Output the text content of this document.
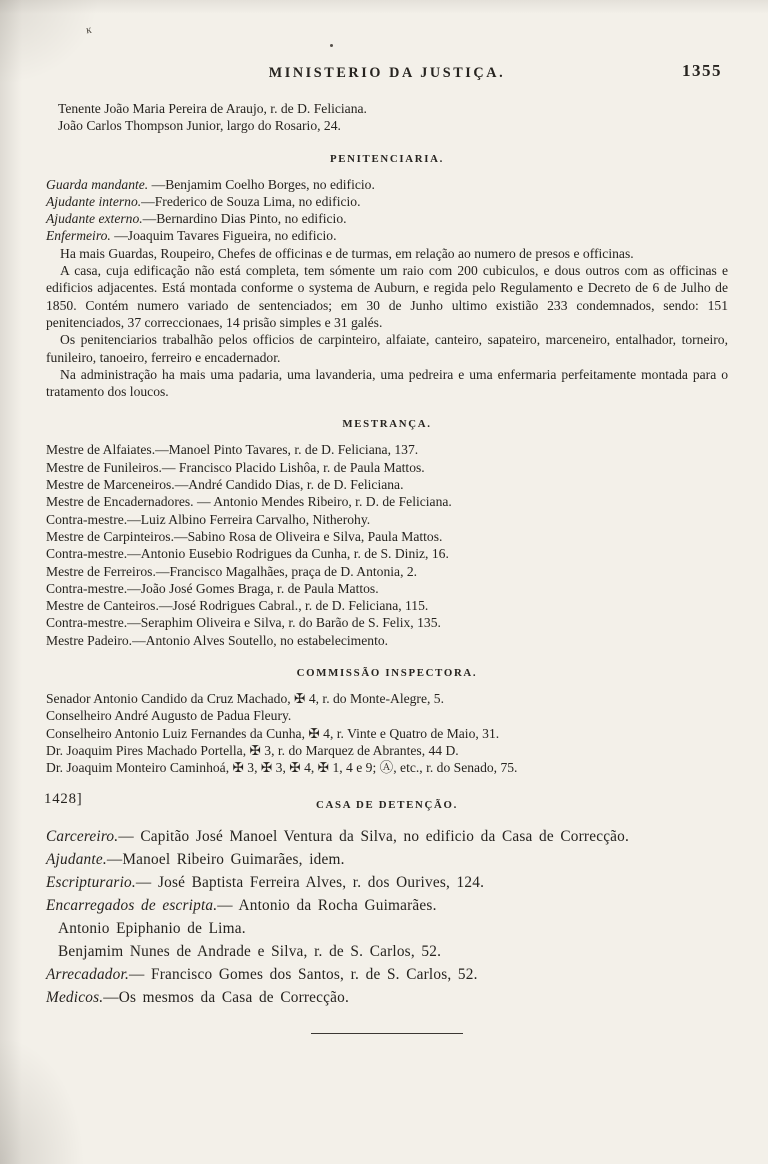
ĸ
MINISTERIO DA JUSTIÇA.	1355

Tenente João Maria Pereira de Araujo, r. de D. Feliciana.

João Carlos Thompson Junior, largo do Rosario, 24.

PENITENCIARIA.

Guarda mandante. —Benjamim Coelho Borges, no edificio.

Ajudante interno.—Frederico de Souza Lima, no edificio.

Ajudante externo.—Bernardino Dias Pinto, no edificio.

Enfermeiro. —Joaquim Tavares Figueira, no edificio.

Ha mais Guardas, Roupeiro, Chefes de officinas e de turmas, em relação ao numero de presos e officinas.

A casa, cuja edificação não está completa, tem sómente um raio com 200 cubiculos, e dous outros com as officinas e edificios adjacentes. Está montada conforme o systema de Auburn, e regida pelo Regulamento e Decreto de 6 de Julho de 1850. Contém numero variado de sentenciados; em 30 de Junho ultimo existião 233 condemnados, sendo: 151 penitenciados, 37 correccionaes, 14 prisão simples e 31 galés.

Os penitenciarios trabalhão pelos officios de carpinteiro, alfaiate, canteiro, sapateiro, marceneiro, entalhador, torneiro, funileiro, tanoeiro, ferreiro e encadernador.

Na administração ha mais uma padaria, uma lavanderia, uma pedreira e uma enfermaria perfeitamente montada para o tratamento dos loucos.

MESTRANÇA.

Mestre de Alfaiates.—Manoel Pinto Tavares, r. de D. Feliciana, 137.

Mestre de Funileiros.— Francisco Placido Lishôa, r. de Paula Mattos.

Mestre de Marceneiros.—André Candido Dias, r. de D. Feliciana.

Mestre de Encadernadores. — Antonio Mendes Ribeiro, r. D. de Feliciana.

Contra-mestre.—Luiz Albino Ferreira Carvalho, Nitherohy.

Mestre de Carpinteiros.—Sabino Rosa de Oliveira e Silva, Paula Mattos.

Contra-mestre.—Antonio Eusebio Rodrigues da Cunha, r. de S. Diniz, 16.

Mestre de Ferreiros.—Francisco Magalhães, praça de D. Antonia, 2.

Contra-mestre.—João José Gomes Braga, r. de Paula Mattos.

Mestre de Canteiros.—José Rodrigues Cabral., r. de D. Feliciana, 115.

Contra-mestre.—Seraphim Oliveira e Silva, r. do Barão de S. Felix, 135.

Mestre Padeiro.—Antonio Alves Soutello, no estabelecimento.

COMMISSÃO INSPECTORA.

Senador Antonio Candido da Cruz Machado, ✠ 4, r. do Monte-Alegre, 5.

Conselheiro André Augusto de Padua Fleury.

Conselheiro Antonio Luiz Fernandes da Cunha, ✠ 4, r. Vinte e Quatro de Maio, 31.

Dr. Joaquim Pires Machado Portella, ✠ 3, r. do Marquez de Abrantes, 44 D.

Dr. Joaquim Monteiro Caminhoá, ✠ 3, ✠ 3, ✠ 4, ✠ 1, 4 e 9; Ⓐ, etc., r. do Senado, 75.

1428]	CASA DE DETENÇÃO.

Carcereiro.— Capitão José Manoel Ventura da Silva, no edificio da Casa de Correcção.

Ajudante.—Manoel Ribeiro Guimarães, idem.

Escripturario.— José Baptista Ferreira Alves, r. dos Ourives, 124.

Encarregados de escripta.— Antonio da Rocha Guimarães.

Antonio Epiphanio de Lima.

Benjamim Nunes de Andrade e Silva, r. de S. Carlos, 52.

Arrecadador.— Francisco Gomes dos Santos, r. de S. Carlos, 52.

Medicos.—Os mesmos da Casa de Correcção.
